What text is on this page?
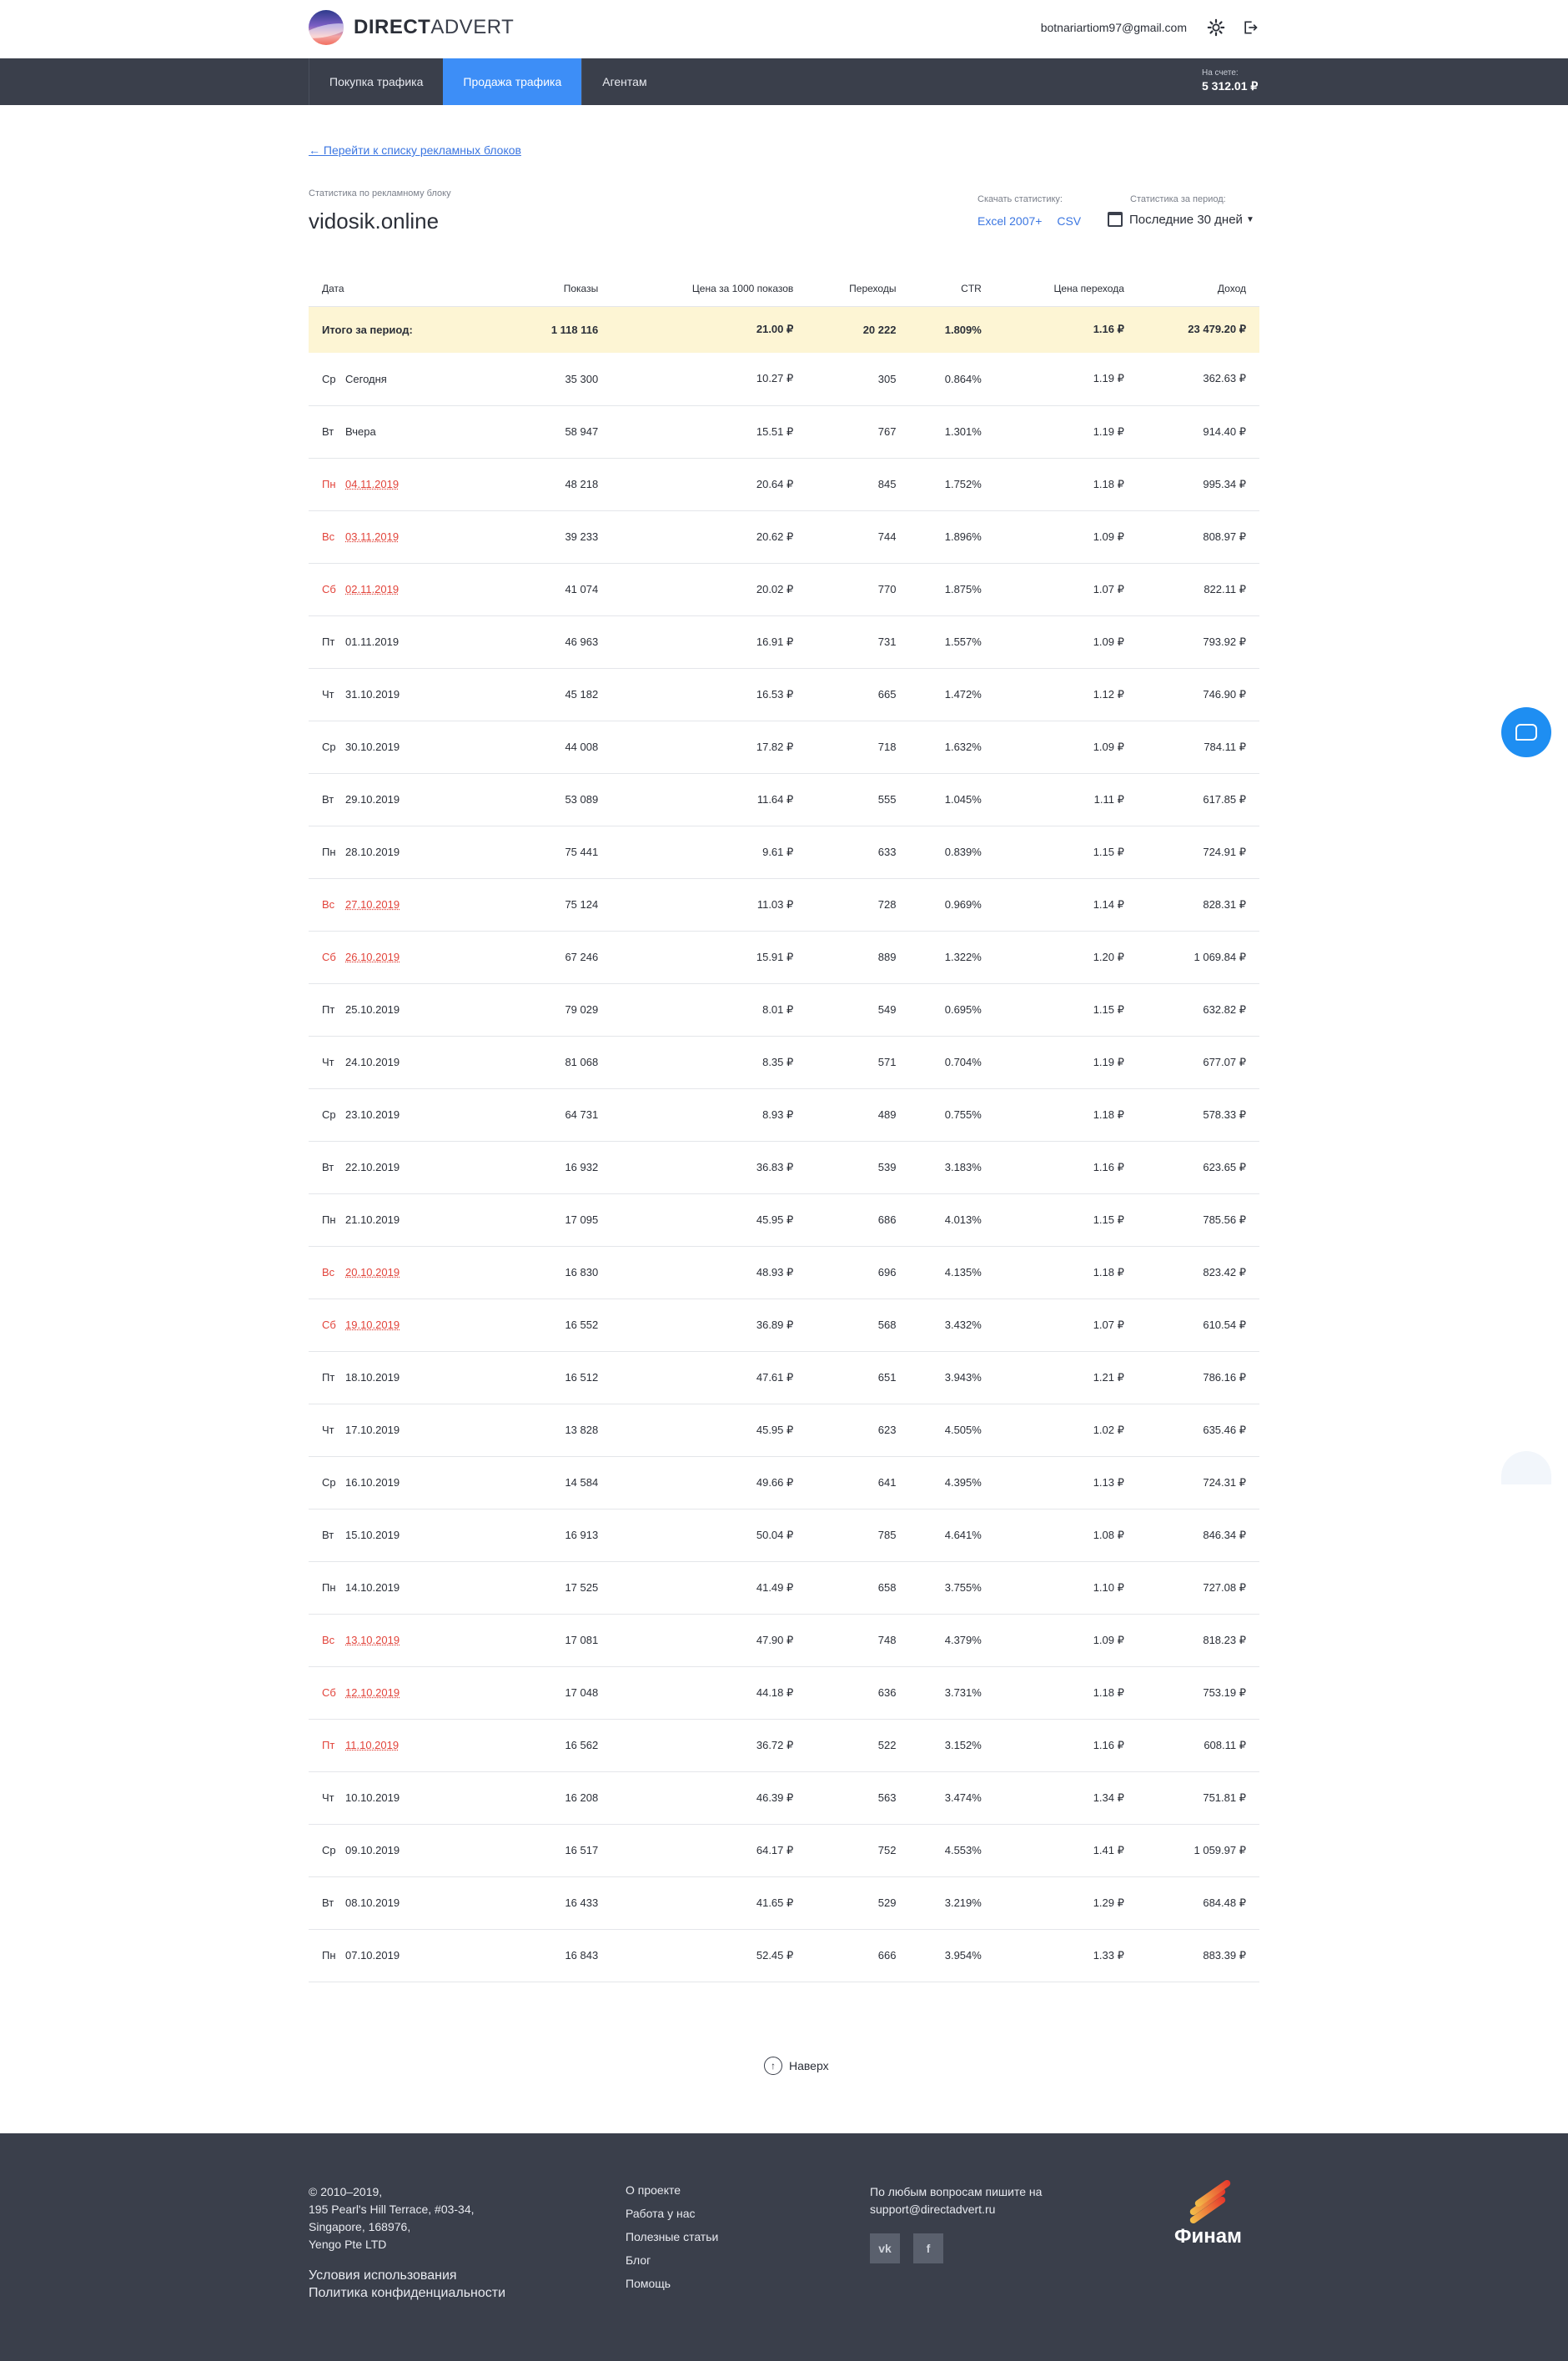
DIRECTADVERT	botnariartiom97@gmail.com
Покупка трафика	Продажа трафика	Агентам
На счете:
5 312.01 ₽
← Перейти к списку рекламных блоков
Статистика по рекламному блоку
vidosik.online
Скачать статистику:
Excel 2007+ CSV
Статистика за период:
Последние 30 дней ▼
Дата	Показы	Цена за 1000 показов	Переходы	CTR	Цена перехода	Доход
Итого за период:	1 118 116	21.00 ₽	20 222	1.809%	1.16 ₽	23 479.20 ₽
Ср Сегодня	35 300	10.27 ₽	305	0.864%	1.19 ₽	362.63 ₽
Вт Вчера	58 947	15.51 ₽	767	1.301%	1.19 ₽	914.40 ₽
Пн 04.11.2019	48 218	20.64 ₽	845	1.752%	1.18 ₽	995.34 ₽
Вс 03.11.2019	39 233	20.62 ₽	744	1.896%	1.09 ₽	808.97 ₽
Сб 02.11.2019	41 074	20.02 ₽	770	1.875%	1.07 ₽	822.11 ₽
Пт 01.11.2019	46 963	16.91 ₽	731	1.557%	1.09 ₽	793.92 ₽
Чт 31.10.2019	45 182	16.53 ₽	665	1.472%	1.12 ₽	746.90 ₽
Ср 30.10.2019	44 008	17.82 ₽	718	1.632%	1.09 ₽	784.11 ₽
Вт 29.10.2019	53 089	11.64 ₽	555	1.045%	1.11 ₽	617.85 ₽
Пн 28.10.2019	75 441	9.61 ₽	633	0.839%	1.15 ₽	724.91 ₽
Вс 27.10.2019	75 124	11.03 ₽	728	0.969%	1.14 ₽	828.31 ₽
Сб 26.10.2019	67 246	15.91 ₽	889	1.322%	1.20 ₽	1 069.84 ₽
Пт 25.10.2019	79 029	8.01 ₽	549	0.695%	1.15 ₽	632.82 ₽
Чт 24.10.2019	81 068	8.35 ₽	571	0.704%	1.19 ₽	677.07 ₽
Ср 23.10.2019	64 731	8.93 ₽	489	0.755%	1.18 ₽	578.33 ₽
Вт 22.10.2019	16 932	36.83 ₽	539	3.183%	1.16 ₽	623.65 ₽
Пн 21.10.2019	17 095	45.95 ₽	686	4.013%	1.15 ₽	785.56 ₽
Вс 20.10.2019	16 830	48.93 ₽	696	4.135%	1.18 ₽	823.42 ₽
Сб 19.10.2019	16 552	36.89 ₽	568	3.432%	1.07 ₽	610.54 ₽
Пт 18.10.2019	16 512	47.61 ₽	651	3.943%	1.21 ₽	786.16 ₽
Чт 17.10.2019	13 828	45.95 ₽	623	4.505%	1.02 ₽	635.46 ₽
Ср 16.10.2019	14 584	49.66 ₽	641	4.395%	1.13 ₽	724.31 ₽
Вт 15.10.2019	16 913	50.04 ₽	785	4.641%	1.08 ₽	846.34 ₽
Пн 14.10.2019	17 525	41.49 ₽	658	3.755%	1.10 ₽	727.08 ₽
Вс 13.10.2019	17 081	47.90 ₽	748	4.379%	1.09 ₽	818.23 ₽
Сб 12.10.2019	17 048	44.18 ₽	636	3.731%	1.18 ₽	753.19 ₽
Пт 11.10.2019	16 562	36.72 ₽	522	3.152%	1.16 ₽	608.11 ₽
Чт 10.10.2019	16 208	46.39 ₽	563	3.474%	1.34 ₽	751.81 ₽
Ср 09.10.2019	16 517	64.17 ₽	752	4.553%	1.41 ₽	1 059.97 ₽
Вт 08.10.2019	16 433	41.65 ₽	529	3.219%	1.29 ₽	684.48 ₽
Пн 07.10.2019	16 843	52.45 ₽	666	3.954%	1.33 ₽	883.39 ₽
↑	Наверх
© 2010–2019,
195 Pearl's Hill Terrace, #03-34,
Singapore, 168976,
Yengo Pte LTD
Условия использования
Политика конфиденциальности
О проекте
Работа у нас
Полезные статьи
Блог
Помощь
По любым вопросам пишите на
support@directadvert.ru
vk	f
Финам
